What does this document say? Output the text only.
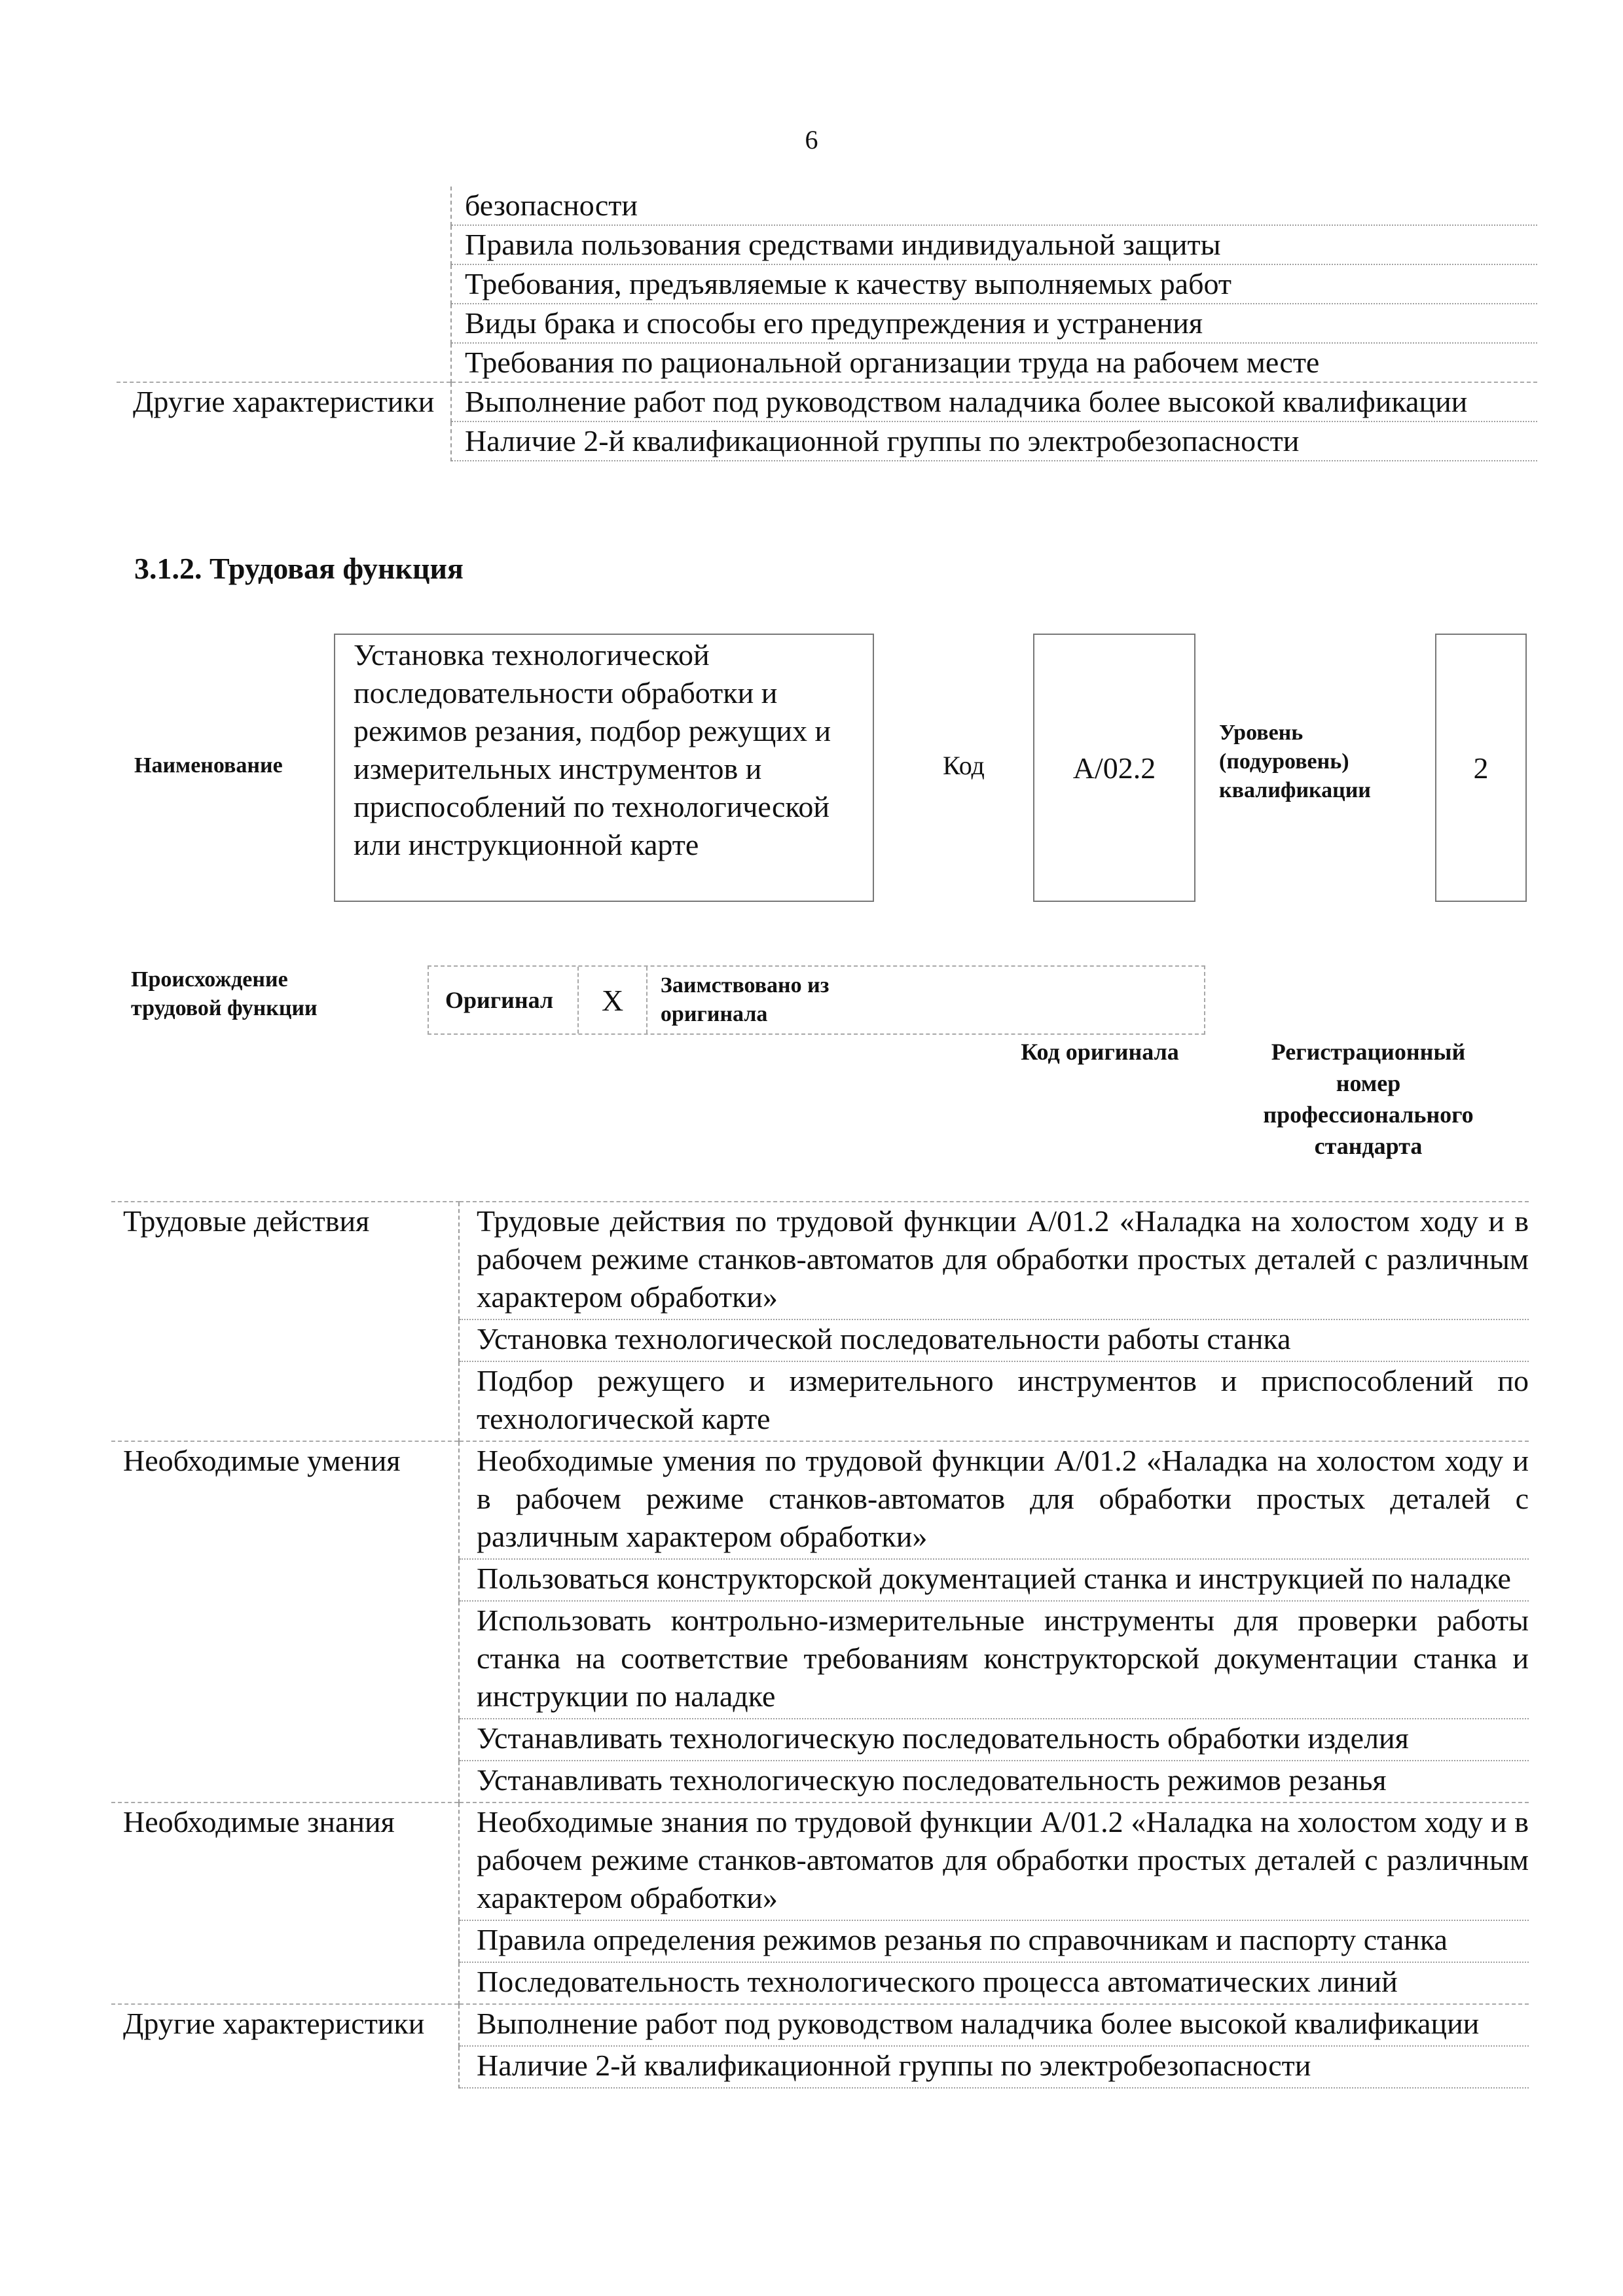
6
	безопасности
	Правила пользования средствами индивидуальной защиты
	Требования, предъявляемые к качеству выполняемых работ
	Виды брака и способы его предупреждения и устранения
	Требования по рациональной организации труда на рабочем месте
Другие характеристики	Выполнение работ под руководством наладчика более высокой квалификации
	Наличие 2-й квалификационной группы по электробезопасности
3.1.2. Трудовая функция
Наименование
Установка технологической последовательности обработки и режимов резания, подбор режущих и измерительных инструментов и приспособлений по технологической или инструкционной карте
Код	А/02.2
Уровень (подуровень) квалификации
2
Происхождение трудовой функции	Оригинал	X	Заимствовано из оригинала
Код оригинала	Регистрационный номер профессионального стандарта
Трудовые действия	Трудовые действия по трудовой функции А/01.2 «Наладка на холостом ходу и в рабочем режиме станков-автоматов для обработки простых деталей с различным характером обработки»
	Установка технологической последовательности работы станка
	Подбор режущего и измерительного инструментов и приспособлений по технологической карте
Необходимые умения	Необходимые умения по трудовой функции А/01.2 «Наладка на холостом ходу и в рабочем режиме станков-автоматов для обработки простых деталей с различным характером обработки»
	Пользоваться конструкторской документацией станка и инструкцией по наладке
	Использовать контрольно-измерительные инструменты для проверки работы станка на соответствие требованиям конструкторской документации станка и инструкции по наладке
	Устанавливать технологическую последовательность обработки изделия
	Устанавливать технологическую последовательность режимов резанья
Необходимые знания	Необходимые знания по трудовой функции А/01.2 «Наладка на холостом ходу и в рабочем режиме станков-автоматов для обработки простых деталей с различным характером обработки»
	Правила определения режимов резанья по справочникам и паспорту станка
	Последовательность технологического процесса автоматических линий
Другие характеристики	Выполнение работ под руководством наладчика более высокой квалификации
	Наличие 2-й квалификационной группы по электробезопасности
